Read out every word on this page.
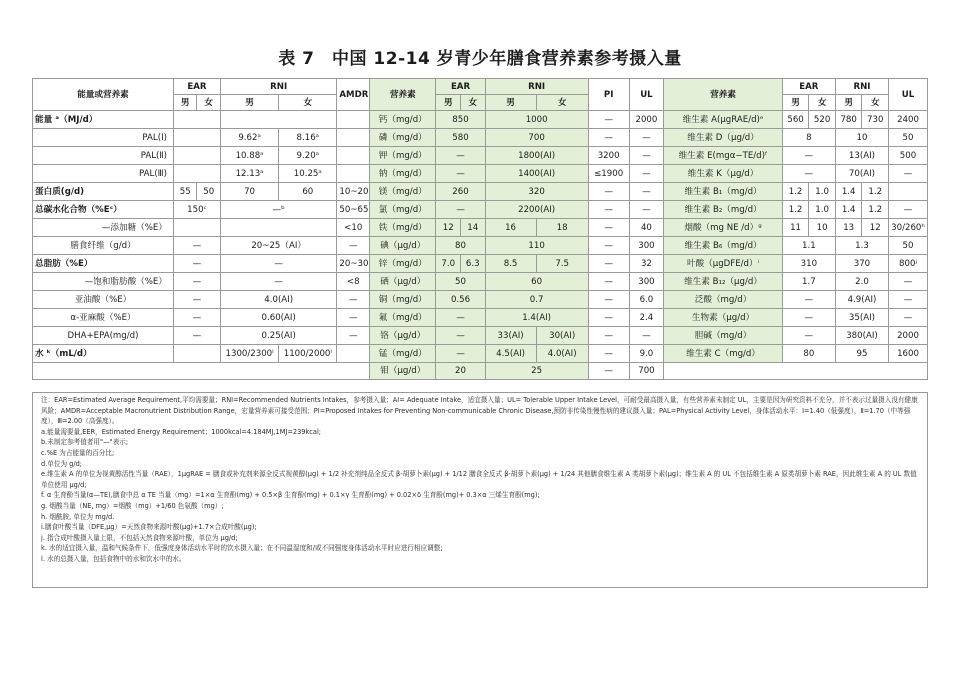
表 7　中国 12-14 岁青少年膳食营养素参考摄入量
能量或营养素	EAR		RNI		AMDR	营养素	EAR		RNI		PI	UL	营养素	EAR		RNI		UL
	男	女	男	女			男	女	男	女				男	女	男	女	
能量 ᵃ（MJ/d）						钙（mg/d）	850		1000		—	2000	维生素 A(μgRAE/d)ᵉ	560	520	780	730	2400
PAL(Ⅰ)			9.62ᵃ	8.16ᵃ		磷（mg/d）	580		700		—	—	维生素 D（μg/d）	8		10		50
PAL(Ⅱ)			10.88ᵃ	9.20ᵃ		钾（mg/d）	—		1800(AI)		3200	—	维生素 E(mgα−TE/d)ᶠ	—		13(AI)		500
PAL(Ⅲ)			12.13ᵃ	10.25ᵃ		钠（mg/d）	—		1400(AI)		≤1900	—	维生素 K（μg/d）	—		70(AI)		—
蛋白质(g/d)	55	50	70	60	10~20	镁（mg/d）	260		320		—	—	维生素 B₁（mg/d）	1.2	1.0	1.4	1.2	
总碳水化合物（%Eᶜ）	150ᶜ		—ᵇ		50~65	氯（mg/d）	—		2200(AI)		—	—	维生素 B₂（mg/d）	1.2	1.0	1.4	1.2	—
—添加糖（%E）					<10	铁（mg/d）	12	14	16	18	—	40	烟酸（mg NE /d）ᵍ	11	10	13	12	30/260ʰ
膳食纤维（g/d）	—		20~25（AI）		—	碘（μg/d）	80		110		—	300	维生素 B₆（mg/d）	1.1		1.3		50
总脂肪（%E）	—		—		20~30	锌（mg/d）	7.0	6.3	8.5	7.5	—	32	叶酸（μgDFE/d）ⁱ	310		370		800ʲ
—饱和脂肪酸（%E）	—		—		<8	硒（μg/d）	50		60		—	300	维生素 B₁₂（μg/d）	1.7		2.0		—
亚油酸（%E）	—		4.0(AI)		—	铜（mg/d）	0.56		0.7		—	6.0	泛酸（mg/d）	—		4.9(AI)		—
α-亚麻酸（%E）	—		0.60(AI)		—	氟（mg/d）	—		1.4(AI)		—	2.4	生物素（μg/d）	—		35(AI)		—
DHA+EPA(mg/d)	—		0.25(AI)		—	铬（μg/d）	—		33(AI)	30(AI)	—	—	胆碱（mg/d）	—		380(AI)		2000
水 ᵏ（mL/d）			1300/2300ˡ	1100/2000ˡ		锰（mg/d）	—		4.5(AI)	4.0(AI)	—	9.0	维生素 C（mg/d）	80		95		1600
						钼（μg/d）	20		25		—	700						
注：EAR=Estimated Average Requirement,平均需要量；RNI=Recommended Nutrients Intakes，参考摄入量；AI= Adequate Intake，适宜摄入量；UL= Tolerable Upper Intake Level，可耐受最高摄入量，有些营养素未制定 UL，主要是因为研究资料不充分，并不表示过量摄入没有健康风险；AMDR=Acceptable Macronutrient Distribution Range，宏量营养素可接受范围；PI=Proposed Intakes for Preventing Non-communicable Chronic Disease,预防非传染性慢性病的建议摄入量；PAL=Physical Activity Level，身体活动水平：Ⅰ=1.40（低强度），Ⅱ=1.70（中等强度），Ⅲ=2.00（高强度）。
a.能量需要量,EER，Estimated Energy Requirement；1000kcal=4.184MJ,1MJ=239kcal;
b.未制定参考值者用"—"表示;
c.%E 为占能量的百分比;
d.单位为 g/d;
e.维生素 A 的单位为视黄醇活性当量（RAE），1μgRAE = 膳食或补充剂来源全反式视黄醇(μg) + 1/2 补充剂纯品全反式 β-胡萝卜素(μg) + 1/12 膳食全反式 β-胡萝卜素(μg) + 1/24 其他膳食维生素 A 类胡萝卜素(μg)；维生素 A 的 UL 不包括维生素 A 原类胡萝卜素 RAE，因此维生素 A 的 UL 数值单位使用 μg/d;
f. α 生育酚当量(α—TE),膳食中总 α TE 当量（mg）=1×α 生育酚(mg) + 0.5×β 生育酚(mg) + 0.1×γ 生育酚(mg) + 0.02×δ 生育酚(mg)+ 0.3×α 三烯生育酚(mg);
g. 烟酸当量（NE, mg）=烟酸（mg）+1/60 色氨酸（mg）;
h. 烟酰胺, 单位为 mg/d.
i.膳食叶酸当量（DFE,μg）=天然食物来源叶酸(μg)+1.7×合成叶酸(μg);
j. 指合成叶酸摄入量上限，不包括天然食物来源叶酸，单位为 μg/d;
k. 水的适宜摄入量，温和气候条件下，低强度身体活动水平时的饮水摄入量；在不同温湿度和/或不同强度身体活动水平时应进行相应调整;
l. 水的总摄入量，包括食物中的水和饮水中的水。
